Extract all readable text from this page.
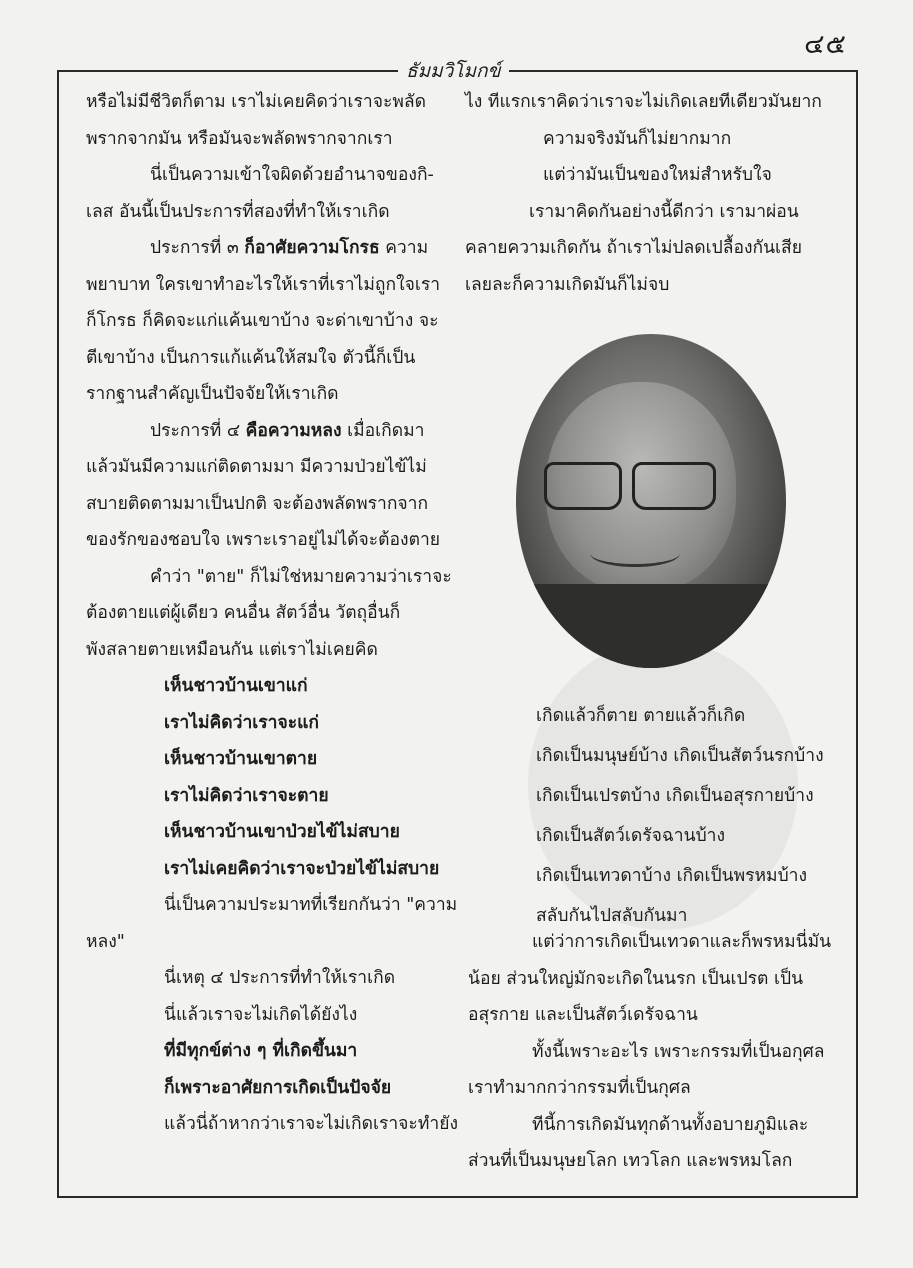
๔๕
ธัมมวิโมกข์
หรือไม่มีชีวิตก็ตาม เราไม่เคยคิดว่าเราจะพลัด
พรากจากมัน หรือมันจะพลัดพรากจากเรา
นี่เป็นความเข้าใจผิดด้วยอำนาจของกิ-
เลส อันนี้เป็นประการที่สองที่ทำให้เราเกิด
ประการที่ ๓ ก็อาศัยความโกรธ ความ
พยาบาท ใครเขาทำอะไรให้เราที่เราไม่ถูกใจเรา
ก็โกรธ ก็คิดจะแก่แค้นเขาบ้าง จะด่าเขาบ้าง จะ
ตีเขาบ้าง เป็นการแก้แค้นให้สมใจ ตัวนี้ก็เป็น
รากฐานสำคัญเป็นปัจจัยให้เราเกิด
ประการที่ ๔ คือความหลง เมื่อเกิดมา
แล้วมันมีความแก่ติดตามมา มีความป่วยไข้ไม่
สบายติดตามมาเป็นปกติ จะต้องพลัดพรากจาก
ของรักของชอบใจ เพราะเราอยู่ไม่ได้จะต้องตาย
คำว่า "ตาย" ก็ไม่ใช่หมายความว่าเราจะ
ต้องตายแต่ผู้เดียว คนอื่น สัตว์อื่น วัตถุอื่นก็
พังสลายตายเหมือนกัน แต่เราไม่เคยคิด
เห็นชาวบ้านเขาแก่
เราไม่คิดว่าเราจะแก่
เห็นชาวบ้านเขาตาย
เราไม่คิดว่าเราจะตาย
เห็นชาวบ้านเขาป่วยไข้ไม่สบาย
เราไม่เคยคิดว่าเราจะป่วยไข้ไม่สบาย
นี่เป็นความประมาทที่เรียกกันว่า "ความ
หลง"
นี่เหตุ ๔ ประการที่ทำให้เราเกิด
นี่แล้วเราจะไม่เกิดได้ยังไง
ที่มีทุกข์ต่าง ๆ ที่เกิดขึ้นมา
ก็เพราะอาศัยการเกิดเป็นปัจจัย
แล้วนี่ถ้าหากว่าเราจะไม่เกิดเราจะทำยัง
ไง ทีแรกเราคิดว่าเราจะไม่เกิดเลยทีเดียวมันยาก
ความจริงมันก็ไม่ยากมาก
แต่ว่ามันเป็นของใหม่สำหรับใจ
เรามาคิดกันอย่างนี้ดีกว่า เรามาผ่อน
คลายความเกิดกัน ถ้าเราไม่ปลดเปลื้องกันเสีย
เลยละก็ความเกิดมันก็ไม่จบ
เกิดแล้วก็ตาย ตายแล้วก็เกิด
เกิดเป็นมนุษย์บ้าง เกิดเป็นสัตว์นรกบ้าง
เกิดเป็นเปรตบ้าง เกิดเป็นอสุรกายบ้าง
เกิดเป็นสัตว์เดรัจฉานบ้าง
เกิดเป็นเทวดาบ้าง เกิดเป็นพรหมบ้าง
สลับกันไปสลับกันมา
แต่ว่าการเกิดเป็นเทวดาและก็พรหมนี่มัน
น้อย ส่วนใหญ่มักจะเกิดในนรก เป็นเปรต เป็น
อสุรกาย และเป็นสัตว์เดรัจฉาน
ทั้งนี้เพราะอะไร เพราะกรรมที่เป็นอกุศล
เราทำมากกว่ากรรมที่เป็นกุศล
ทีนี้การเกิดมันทุกด้านทั้งอบายภูมิและ
ส่วนที่เป็นมนุษยโลก เทวโลก และพรหมโลก
